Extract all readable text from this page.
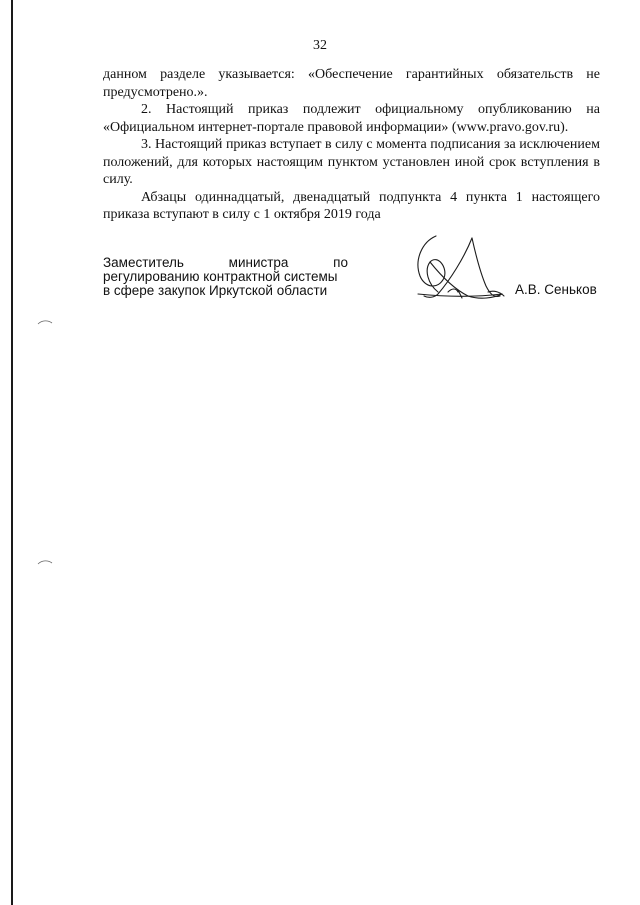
32

данном разделе указывается: «Обеспечение гарантийных обязательств не предусмотрено.».

2. Настоящий приказ подлежит официальному опубликованию на «Официальном интернет-портале правовой информации» (www.pravo.gov.ru).

3. Настоящий приказ вступает в силу с момента подписания за исключением положений, для которых настоящим пунктом установлен иной срок вступления в силу.

Абзацы одиннадцатый, двенадцатый подпункта 4 пункта 1 настоящего приказа вступают в силу с 1 октября 2019 года

Заместитель министра по
регулированию контрактной системы
в сфере закупок Иркутской области	А.В. Сеньков
